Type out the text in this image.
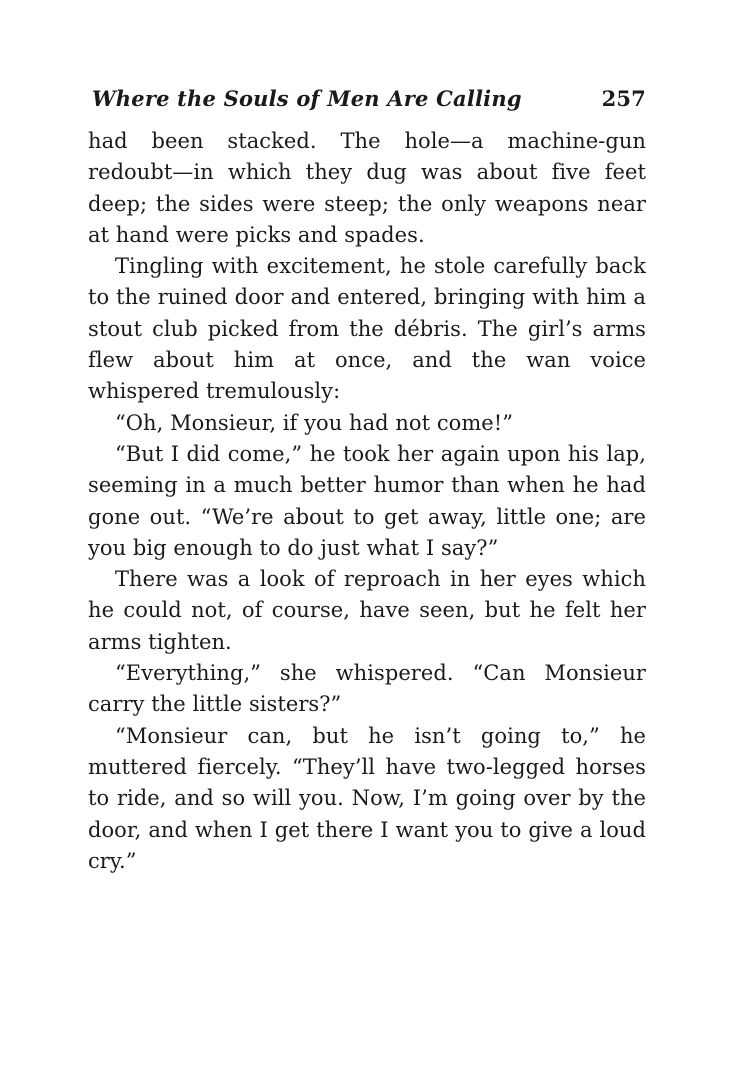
Where the Souls of Men Are Calling	257

had been stacked. The hole—a machine-gun redoubt—in which they dug was about five feet deep; the sides were steep; the only weapons near at hand were picks and spades.

Tingling with excitement, he stole carefully back to the ruined door and entered, bringing with him a stout club picked from the débris. The girl’s arms flew about him at once, and the wan voice whispered tremulously:

“Oh, Monsieur, if you had not come!”

“But I did come,” he took her again upon his lap, seeming in a much better humor than when he had gone out. “We’re about to get away, little one; are you big enough to do just what I say?”

There was a look of reproach in her eyes which he could not, of course, have seen, but he felt her arms tighten.

“Everything,” she whispered. “Can Monsieur carry the little sisters?”

“Monsieur can, but he isn’t going to,” he muttered fiercely. “They’ll have two-legged horses to ride, and so will you. Now, I’m going over by the door, and when I get there I want you to give a loud cry.”
